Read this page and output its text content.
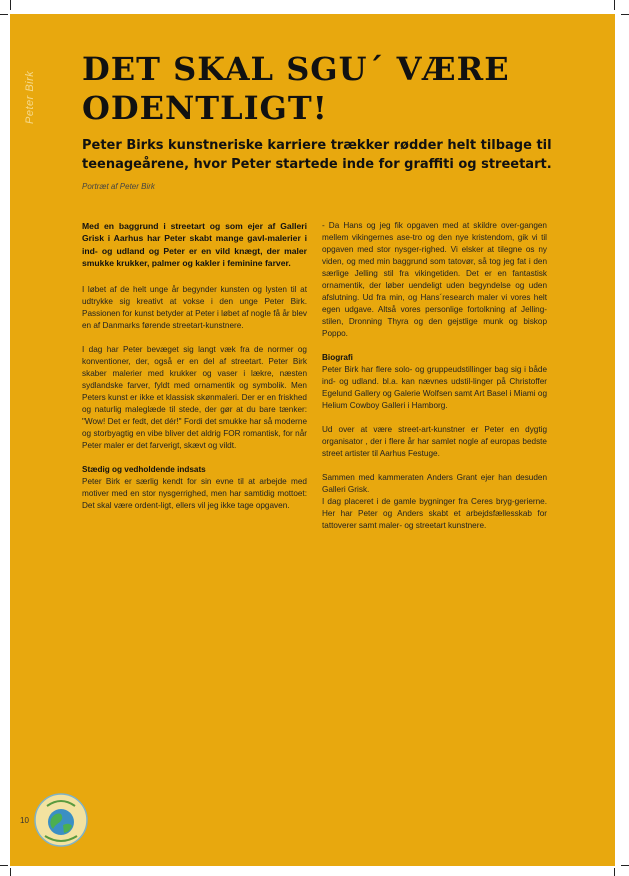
Peter Birk
DET SKAL SGU´ VÆRE ODENTLIGT!

Peter Birks kunstneriske karriere trækker rødder helt tilbage til teenageårene, hvor Peter startede inde for graffiti og streetart.

Portræt af Peter Birk

Med en baggrund i streetart og som ejer af Galleri Grisk i Aarhus har Peter skabt mange gavl-malerier i ind- og udland og Peter er en vild knægt, der maler smukke krukker, palmer og kakler i feminine farver.

I løbet af de helt unge år begynder kunsten og lysten til at udtrykke sig kreativt at vokse i den unge Peter Birk. Passionen for kunst betyder at Peter i løbet af nogle få år blev en af Danmarks førende streetart-kunstnere.

I dag har Peter bevæget sig langt væk fra de normer og konventioner, der, også er en del af streetart. Peter Birk skaber malerier med krukker og vaser i lækre, næsten sydlandske farver, fyldt med ornamentik og symbolik. Men Peters kunst er ikke et klassisk skønmaleri. Der er en friskhed og naturlig maleglæde til stede, der gør at du bare tænker: "Wow! Det er fedt, det dér!" Fordi det smukke har så moderne og storbyagtig en vibe bliver det aldrig FOR romantisk, for når Peter maler er det farverigt, skævt og vildt.

Stædig og vedholdende indsats

Peter Birk er særlig kendt for sin evne til at arbejde med motiver med en stor nysgerrighed, men har samtidig mottoet: Det skal være ordent-ligt, ellers vil jeg ikke tage opgaven.

- Da Hans og jeg fik opgaven med at skildre over-gangen mellem vikingernes ase-tro og den nye kristendom, gik vi til opgaven med stor nysger-righed. Vi elsker at tilegne os ny viden, og med min baggrund som tatovør, så tog jeg fat i den særlige Jelling stil fra vikingetiden. Det er en fantastisk ornamentik, der løber uendeligt uden begyndelse og uden afslutning. Ud fra min, og Hans´research maler vi vores helt egen udgave. Altså vores personlige fortolkning af Jelling-stilen, Dronning Thyra og den gejstlige munk og biskop Poppo.

Biografi

Peter Birk har flere solo- og gruppeudstillinger bag sig i både ind- og udland. bl.a. kan nævnes udstil-linger på Christoffer Egelund Gallery og Galerie Wolfsen samt Art Basel i Miami og Helium Cowboy Galleri i Hamborg.

Ud over at være street-art-kunstner er Peter en dygtig organisator , der i flere år har samlet nogle af europas bedste street artister til Aarhus Festuge.

Sammen med kammeraten Anders Grant ejer han desuden Galleri Grisk.

I dag placeret i de gamle bygninger fra Ceres bryg-gerierne. Her har Peter og Anders skabt et arbejdsfællesskab for tattoverer samt maler- og streetart kunstnere.

10
